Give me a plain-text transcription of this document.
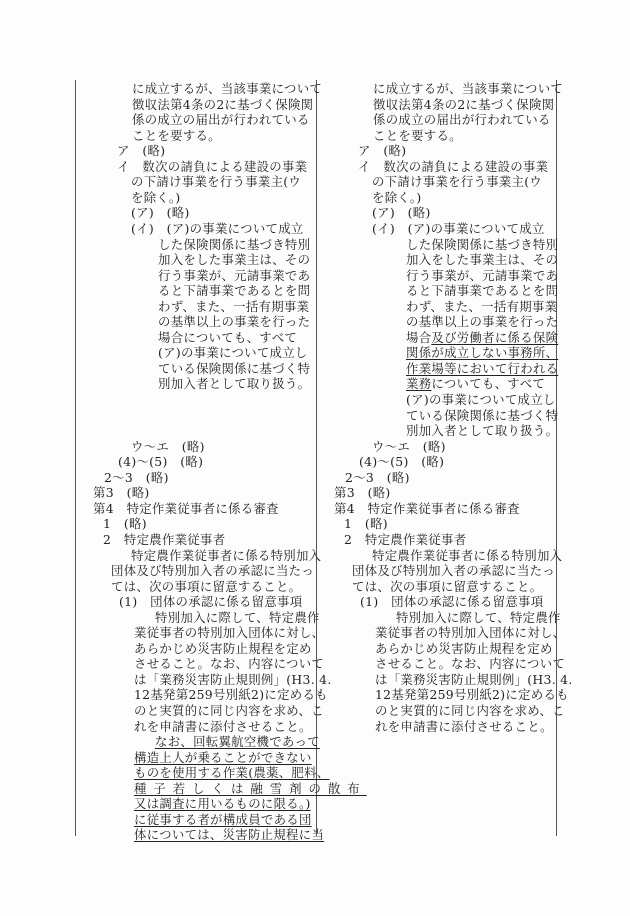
に成立するが、当該事業について
徴収法第4条の2に基づく保険関
係の成立の届出が行われている
ことを要する。
ア　(略)
イ　数次の請負による建設の事業
の下請け事業を行う事業主(ウ
を除く。)
(ア)　(略)
(イ)　(ア)の事業について成立
した保険関係に基づき特別
加入をした事業主は、その
行う事業が、元請事業であ
ると下請事業であるとを問
わず、また、一括有期事業
の基準以上の事業を行った
場合についても、すべて
(ア)の事業について成立し
ている保険関係に基づく特
別加入者として取り扱う。
ウ～エ　(略)
(4)～(5)　(略)
2～3　(略)
第3　(略)
第4　特定作業従事者に係る審査
1　(略)
2　特定農作業従事者
特定農作業従事者に係る特別加入
団体及び特別加入者の承認に当たっ
ては、次の事項に留意すること。
(1)　団体の承認に係る留意事項
特別加入に際して、特定農作
業従事者の特別加入団体に対し、
あらかじめ災害防止規程を定め
させること。なお、内容について
は「業務災害防止規則例」(H3. 4.
12基発第259号別紙2)に定めるも
のと実質的に同じ内容を求め、こ
れを申請書に添付させること。
なお、回転翼航空機であって
構造上人が乗ることができない
ものを使用する作業(農薬、肥料、
種子若しくは融雪剤の散布
又は調査に用いるものに限る。)
に従事する者が構成員である団
体については、災害防止規程に当
に成立するが、当該事業について
徴収法第4条の2に基づく保険関
係の成立の届出が行われている
ことを要する。
ア　(略)
イ　数次の請負による建設の事業
の下請け事業を行う事業主(ウ
を除く。)
(ア)　(略)
(イ)　(ア)の事業について成立
した保険関係に基づき特別
加入をした事業主は、その
行う事業が、元請事業であ
ると下請事業であるとを問
わず、また、一括有期事業
の基準以上の事業を行った
場合及び労働者に係る保険
関係が成立しない事務所、
作業場等において行われる
業務についても、すべて
(ア)の事業について成立し
ている保険関係に基づく特
別加入者として取り扱う。
ウ～エ　(略)
(4)～(5)　(略)
2～3　(略)
第3　(略)
第4　特定作業従事者に係る審査
1　(略)
2　特定農作業従事者
特定農作業従事者に係る特別加入
団体及び特別加入者の承認に当たっ
ては、次の事項に留意すること。
(1)　団体の承認に係る留意事項
特別加入に際して、特定農作
業従事者の特別加入団体に対し、
あらかじめ災害防止規程を定め
させること。なお、内容について
は「業務災害防止規則例」(H3. 4.
12基発第259号別紙2)に定めるも
のと実質的に同じ内容を求め、こ
れを申請書に添付させること。
